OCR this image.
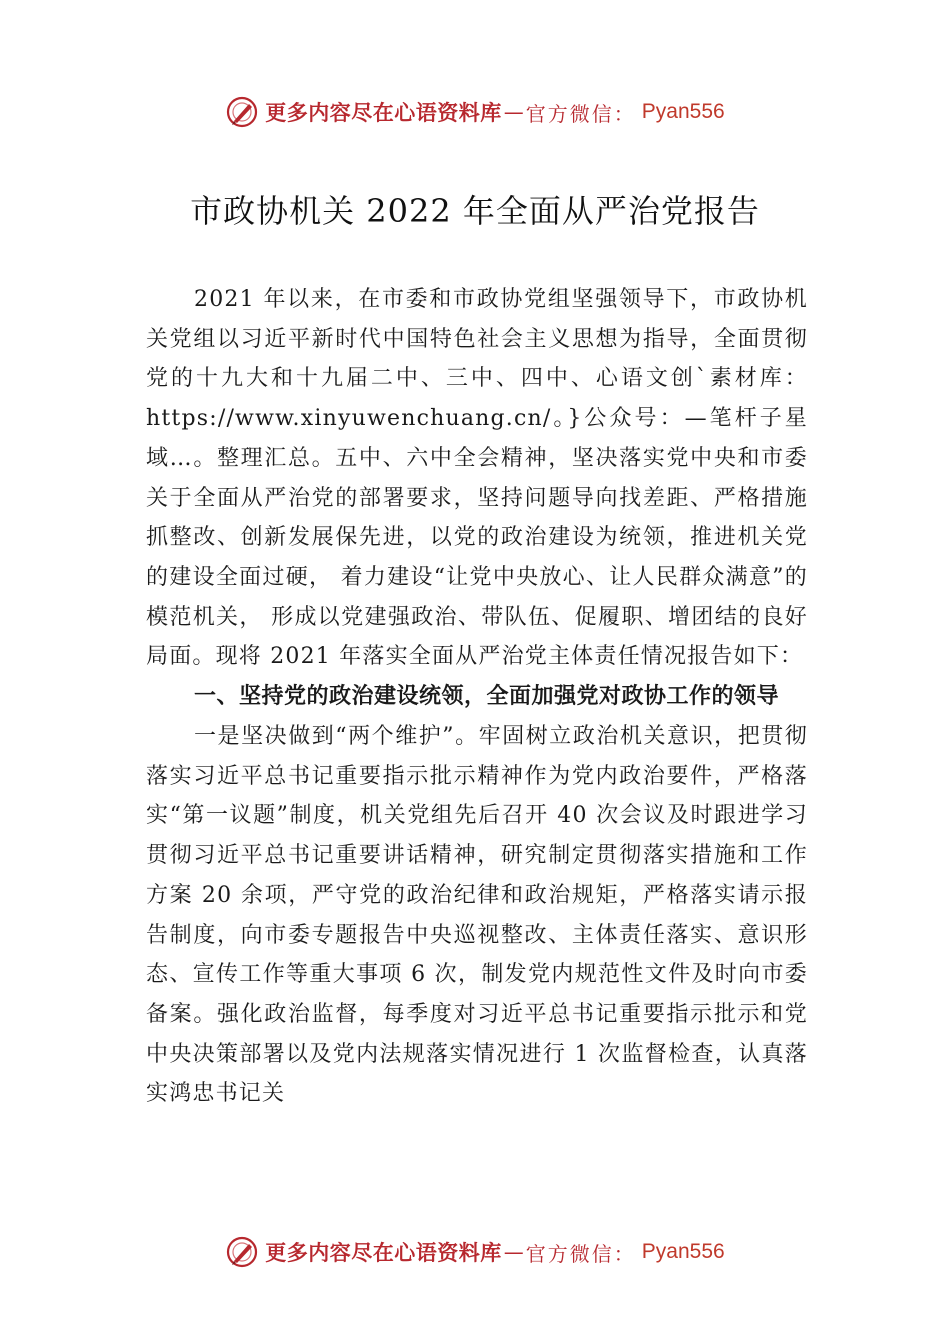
更多内容尽在心语资料库 — 官方微信： Pyan556
市政协机关 2022 年全面从严治党报告

2021 年以来，在市委和市政协党组坚强领导下，市政协机关党组以习近平新时代中国特色社会主义思想为指导，全面贯彻党的十九大和十九届二中、三中、四中、心语文创`素材库：https://www.xinyuwenchuang.cn/。}公众号：—笔杆子星域…。整理汇总。五中、六中全会精神，坚决落实党中央和市委关于全面从严治党的部署要求，坚持问题导向找差距、严格措施抓整改、创新发展保先进，以党的政治建设为统领，推进机关党的建设全面过硬， 着力建设“让党中央放心、让人民群众满意”的模范机关， 形成以党建强政治、带队伍、促履职、增团结的良好局面。现将 2021 年落实全面从严治党主体责任情况报告如下：

一、坚持党的政治建设统领，全面加强党对政协工作的领导

一是坚决做到“两个维护”。牢固树立政治机关意识，把贯彻落实习近平总书记重要指示批示精神作为党内政治要件，严格落实“第一议题”制度，机关党组先后召开 40 次会议及时跟进学习贯彻习近平总书记重要讲话精神，研究制定贯彻落实措施和工作方案 20 余项，严守党的政治纪律和政治规矩，严格落实请示报告制度，向市委专题报告中央巡视整改、主体责任落实、意识形态、宣传工作等重大事项 6 次，制发党内规范性文件及时向市委备案。强化政治监督，每季度对习近平总书记重要指示批示和党中央决策部署以及党内法规落实情况进行 1 次监督检查，认真落实鸿忠书记关

更多内容尽在心语资料库 — 官方微信： Pyan556
